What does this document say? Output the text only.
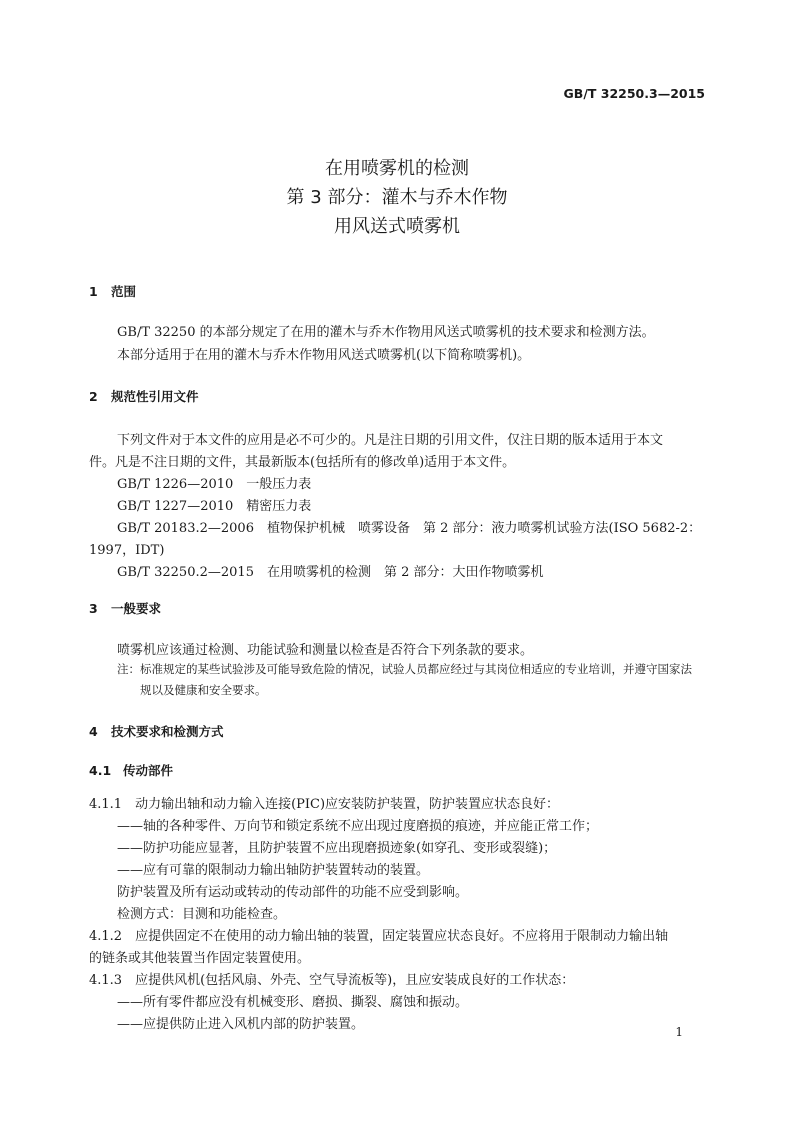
GB/T 32250.3—2015
在用喷雾机的检测
第 3 部分：灌木与乔木作物
用风送式喷雾机
1 范围
GB/T 32250 的本部分规定了在用的灌木与乔木作物用风送式喷雾机的技术要求和检测方法。
本部分适用于在用的灌木与乔木作物用风送式喷雾机(以下简称喷雾机)。
2 规范性引用文件
下列文件对于本文件的应用是必不可少的。凡是注日期的引用文件，仅注日期的版本适用于本文
件。凡是不注日期的文件，其最新版本(包括所有的修改单)适用于本文件。
GB/T 1226—2010　一般压力表
GB/T 1227—2010　精密压力表
GB/T 20183.2—2006　植物保护机械　喷雾设备　第 2 部分：液力喷雾机试验方法(ISO 5682-2：
1997，IDT)
GB/T 32250.2—2015　在用喷雾机的检测　第 2 部分：大田作物喷雾机
3 一般要求
喷雾机应该通过检测、功能试验和测量以检查是否符合下列条款的要求。
注：标准规定的某些试验涉及可能导致危险的情况，试验人员都应经过与其岗位相适应的专业培训，并遵守国家法
规以及健康和安全要求。
4 技术要求和检测方式
4.1 传动部件
4.1.1　动力输出轴和动力输入连接(PIC)应安装防护装置，防护装置应状态良好：
——轴的各种零件、万向节和锁定系统不应出现过度磨损的痕迹，并应能正常工作；
——防护功能应显著，且防护装置不应出现磨损迹象(如穿孔、变形或裂缝)；
——应有可靠的限制动力输出轴防护装置转动的装置。
防护装置及所有运动或转动的传动部件的功能不应受到影响。
检测方式：目测和功能检查。
4.1.2　应提供固定不在使用的动力输出轴的装置，固定装置应状态良好。不应将用于限制动力输出轴
的链条或其他装置当作固定装置使用。
4.1.3　应提供风机(包括风扇、外壳、空气导流板等)，且应安装成良好的工作状态：
——所有零件都应没有机械变形、磨损、撕裂、腐蚀和振动。
——应提供防止进入风机内部的防护装置。	1
